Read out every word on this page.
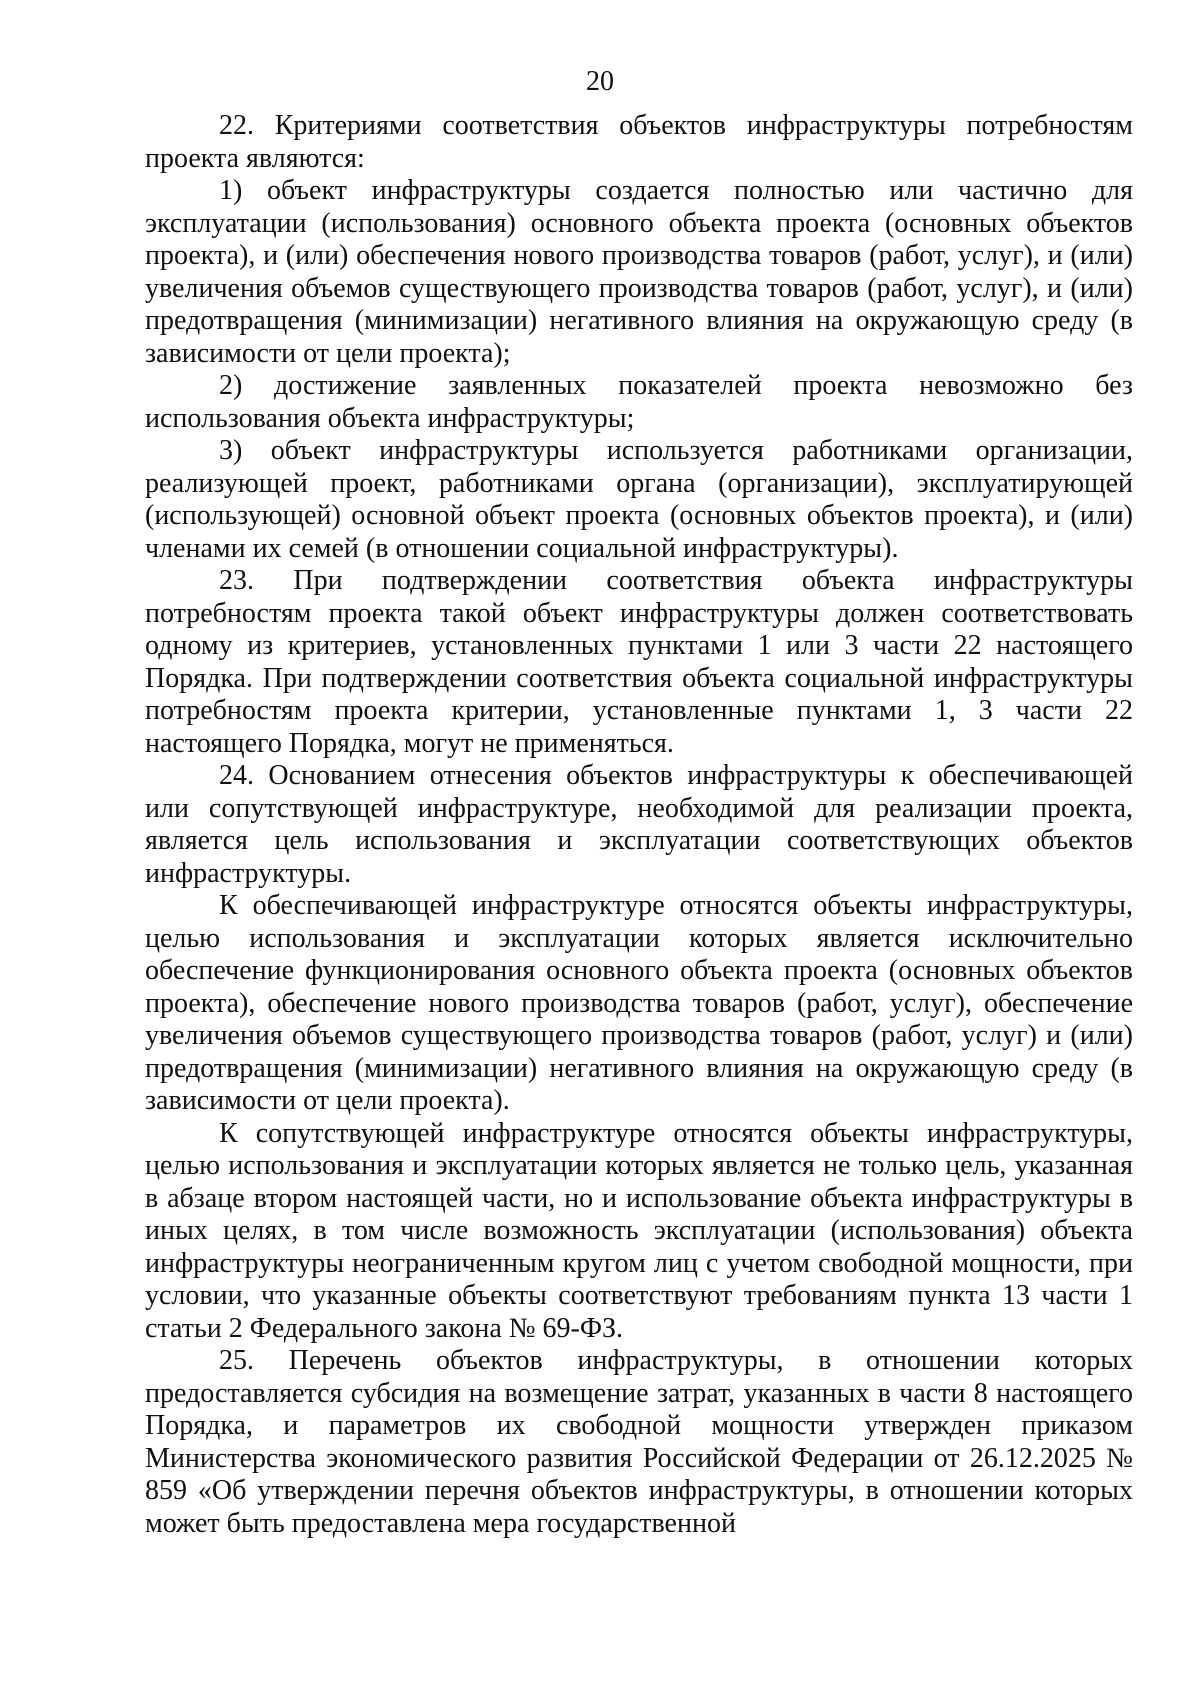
20

22. Критериями соответствия объектов инфраструктуры потребностям проекта являются:

1) объект инфраструктуры создается полностью или частично для эксплуатации (использования) основного объекта проекта (основных объектов проекта), и (или) обеспечения нового производства товаров (работ, услуг), и (или) увеличения объемов существующего производства товаров (работ, услуг), и (или) предотвращения (минимизации) негативного влияния на окружающую среду (в зависимости от цели проекта);

2) достижение заявленных показателей проекта невозможно без использования объекта инфраструктуры;

3) объект инфраструктуры используется работниками организации, реализующей проект, работниками органа (организации), эксплуатирующей (использующей) основной объект проекта (основных объектов проекта), и (или) членами их семей (в отношении социальной инфраструктуры).

23. При подтверждении соответствия объекта инфраструктуры потребностям проекта такой объект инфраструктуры должен соответствовать одному из критериев, установленных пунктами 1 или 3 части 22 настоящего Порядка. При подтверждении соответствия объекта социальной инфраструктуры потребностям проекта критерии, установленные пунктами 1, 3 части 22 настоящего Порядка, могут не применяться.

24. Основанием отнесения объектов инфраструктуры к обеспечивающей или сопутствующей инфраструктуре, необходимой для реализации проекта, является цель использования и эксплуатации соответствующих объектов инфраструктуры.

К обеспечивающей инфраструктуре относятся объекты инфраструктуры, целью использования и эксплуатации которых является исключительно обеспечение функционирования основного объекта проекта (основных объектов проекта), обеспечение нового производства товаров (работ, услуг), обеспечение увеличения объемов существующего производства товаров (работ, услуг) и (или) предотвращения (минимизации) негативного влияния на окружающую среду (в зависимости от цели проекта).

К сопутствующей инфраструктуре относятся объекты инфраструктуры, целью использования и эксплуатации которых является не только цель, указанная в абзаце втором настоящей части, но и использование объекта инфраструктуры в иных целях, в том числе возможность эксплуатации (использования) объекта инфраструктуры неограниченным кругом лиц с учетом свободной мощности, при условии, что указанные объекты соответствуют требованиям пункта 13 части 1 статьи 2 Федерального закона № 69-ФЗ.

25. Перечень объектов инфраструктуры, в отношении которых предоставляется субсидия на возмещение затрат, указанных в части 8 настоящего Порядка, и параметров их свободной мощности утвержден приказом Министерства экономического развития Российской Федерации от 26.12.2025 № 859 «Об утверждении перечня объектов инфраструктуры, в отношении которых может быть предоставлена мера государственной
